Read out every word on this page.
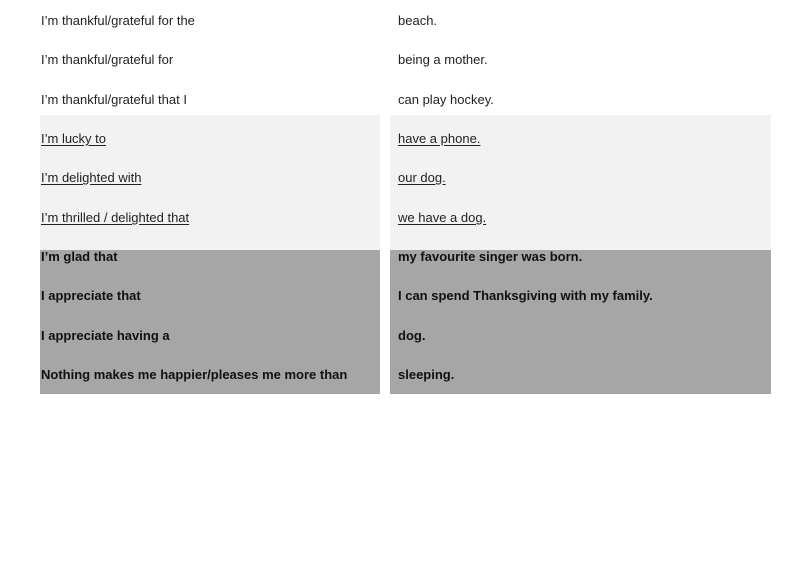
I’m thankful/grateful for the	beach.
I’m thankful/grateful for	being a mother.
I’m thankful/grateful that I	can play hockey.
I’m lucky to	have a phone.
I’m delighted with	our dog.
I’m thrilled / delighted that	we have a dog.
I’m glad that	my favourite singer was born.
I appreciate that	I can spend Thanksgiving with my family.
I appreciate having a	dog.
Nothing makes me happier/pleases me more than	sleeping.
